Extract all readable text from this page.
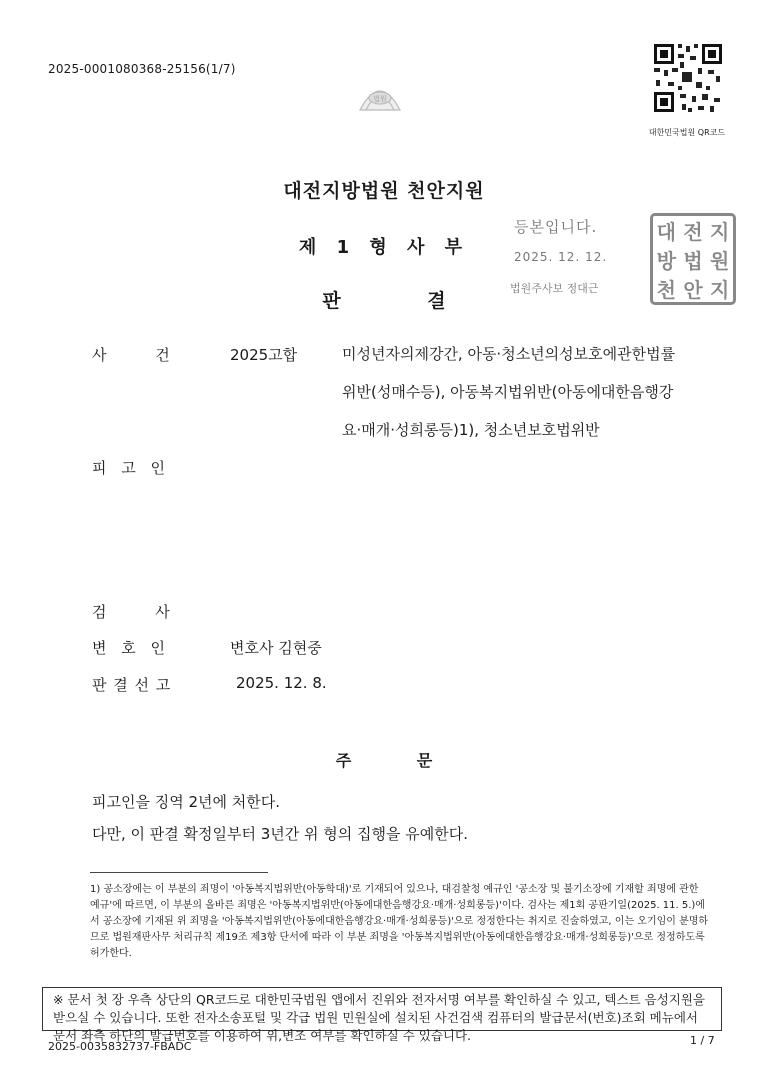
2025-0001080368-25156(1/7)
법원
대한민국법원 QR코드
대전지방법원 천안지원
제 1 형 사 부
판 결
등본입니다.
2025. 12. 12.
법원주사보 정대근
대 전 지
방 법 원
천 안 지
사 건	2025고합	미성년자의제강간, 아동·청소년의성보호에관한법률
위반(성매수등), 아동복지법위반(아동에대한음행강
요·매개·성희롱등)1), 청소년보호법위반
피 고 인
검 사
변 호 인	변호사 김현중
판 결 선 고	2025. 12. 8.
주 문
피고인을 징역 2년에 처한다.
다만, 이 판결 확정일부터 3년간 위 형의 집행을 유예한다.
1) 공소장에는 이 부분의 죄명이 '아동복지법위반(아동학대)'로 기재되어 있으나, 대검찰청 예규인 '공소장 및 불기소장에 기재할 죄명에 관한 예규'에 따르면, 이 부분의 올바른 죄명은 '아동복지법위반(아동에대한음행강요·매개·성희롱등)'이다. 검사는 제1회 공판기일(2025. 11. 5.)에서 공소장에 기재된 위 죄명을 '아동복지법위반(아동에대한음행강요·매개·성희롱등)'으로 정정한다는 취지로 진술하였고, 이는 오기임이 분명하므로 법원재판사무 처리규칙 제19조 제3항 단서에 따라 이 부분 죄명을 '아동복지법위반(아동에대한음행강요·매개·성희롱등)'으로 정정하도록 허가한다.
※ 문서 첫 장 우측 상단의 QR코드로 대한민국법원 앱에서 진위와 전자서명 여부를 확인하실 수 있고, 텍스트 음성지원을 받으실 수 있습니다. 또한 전자소송포털 및 각급 법원 민원실에 설치된 사건검색 컴퓨터의 발급문서(번호)조회 메뉴에서 문서 좌측 하단의 발급번호를 이용하여 위,변조 여부를 확인하실 수 있습니다.
2025-0035832737-FBADC	1 / 7
